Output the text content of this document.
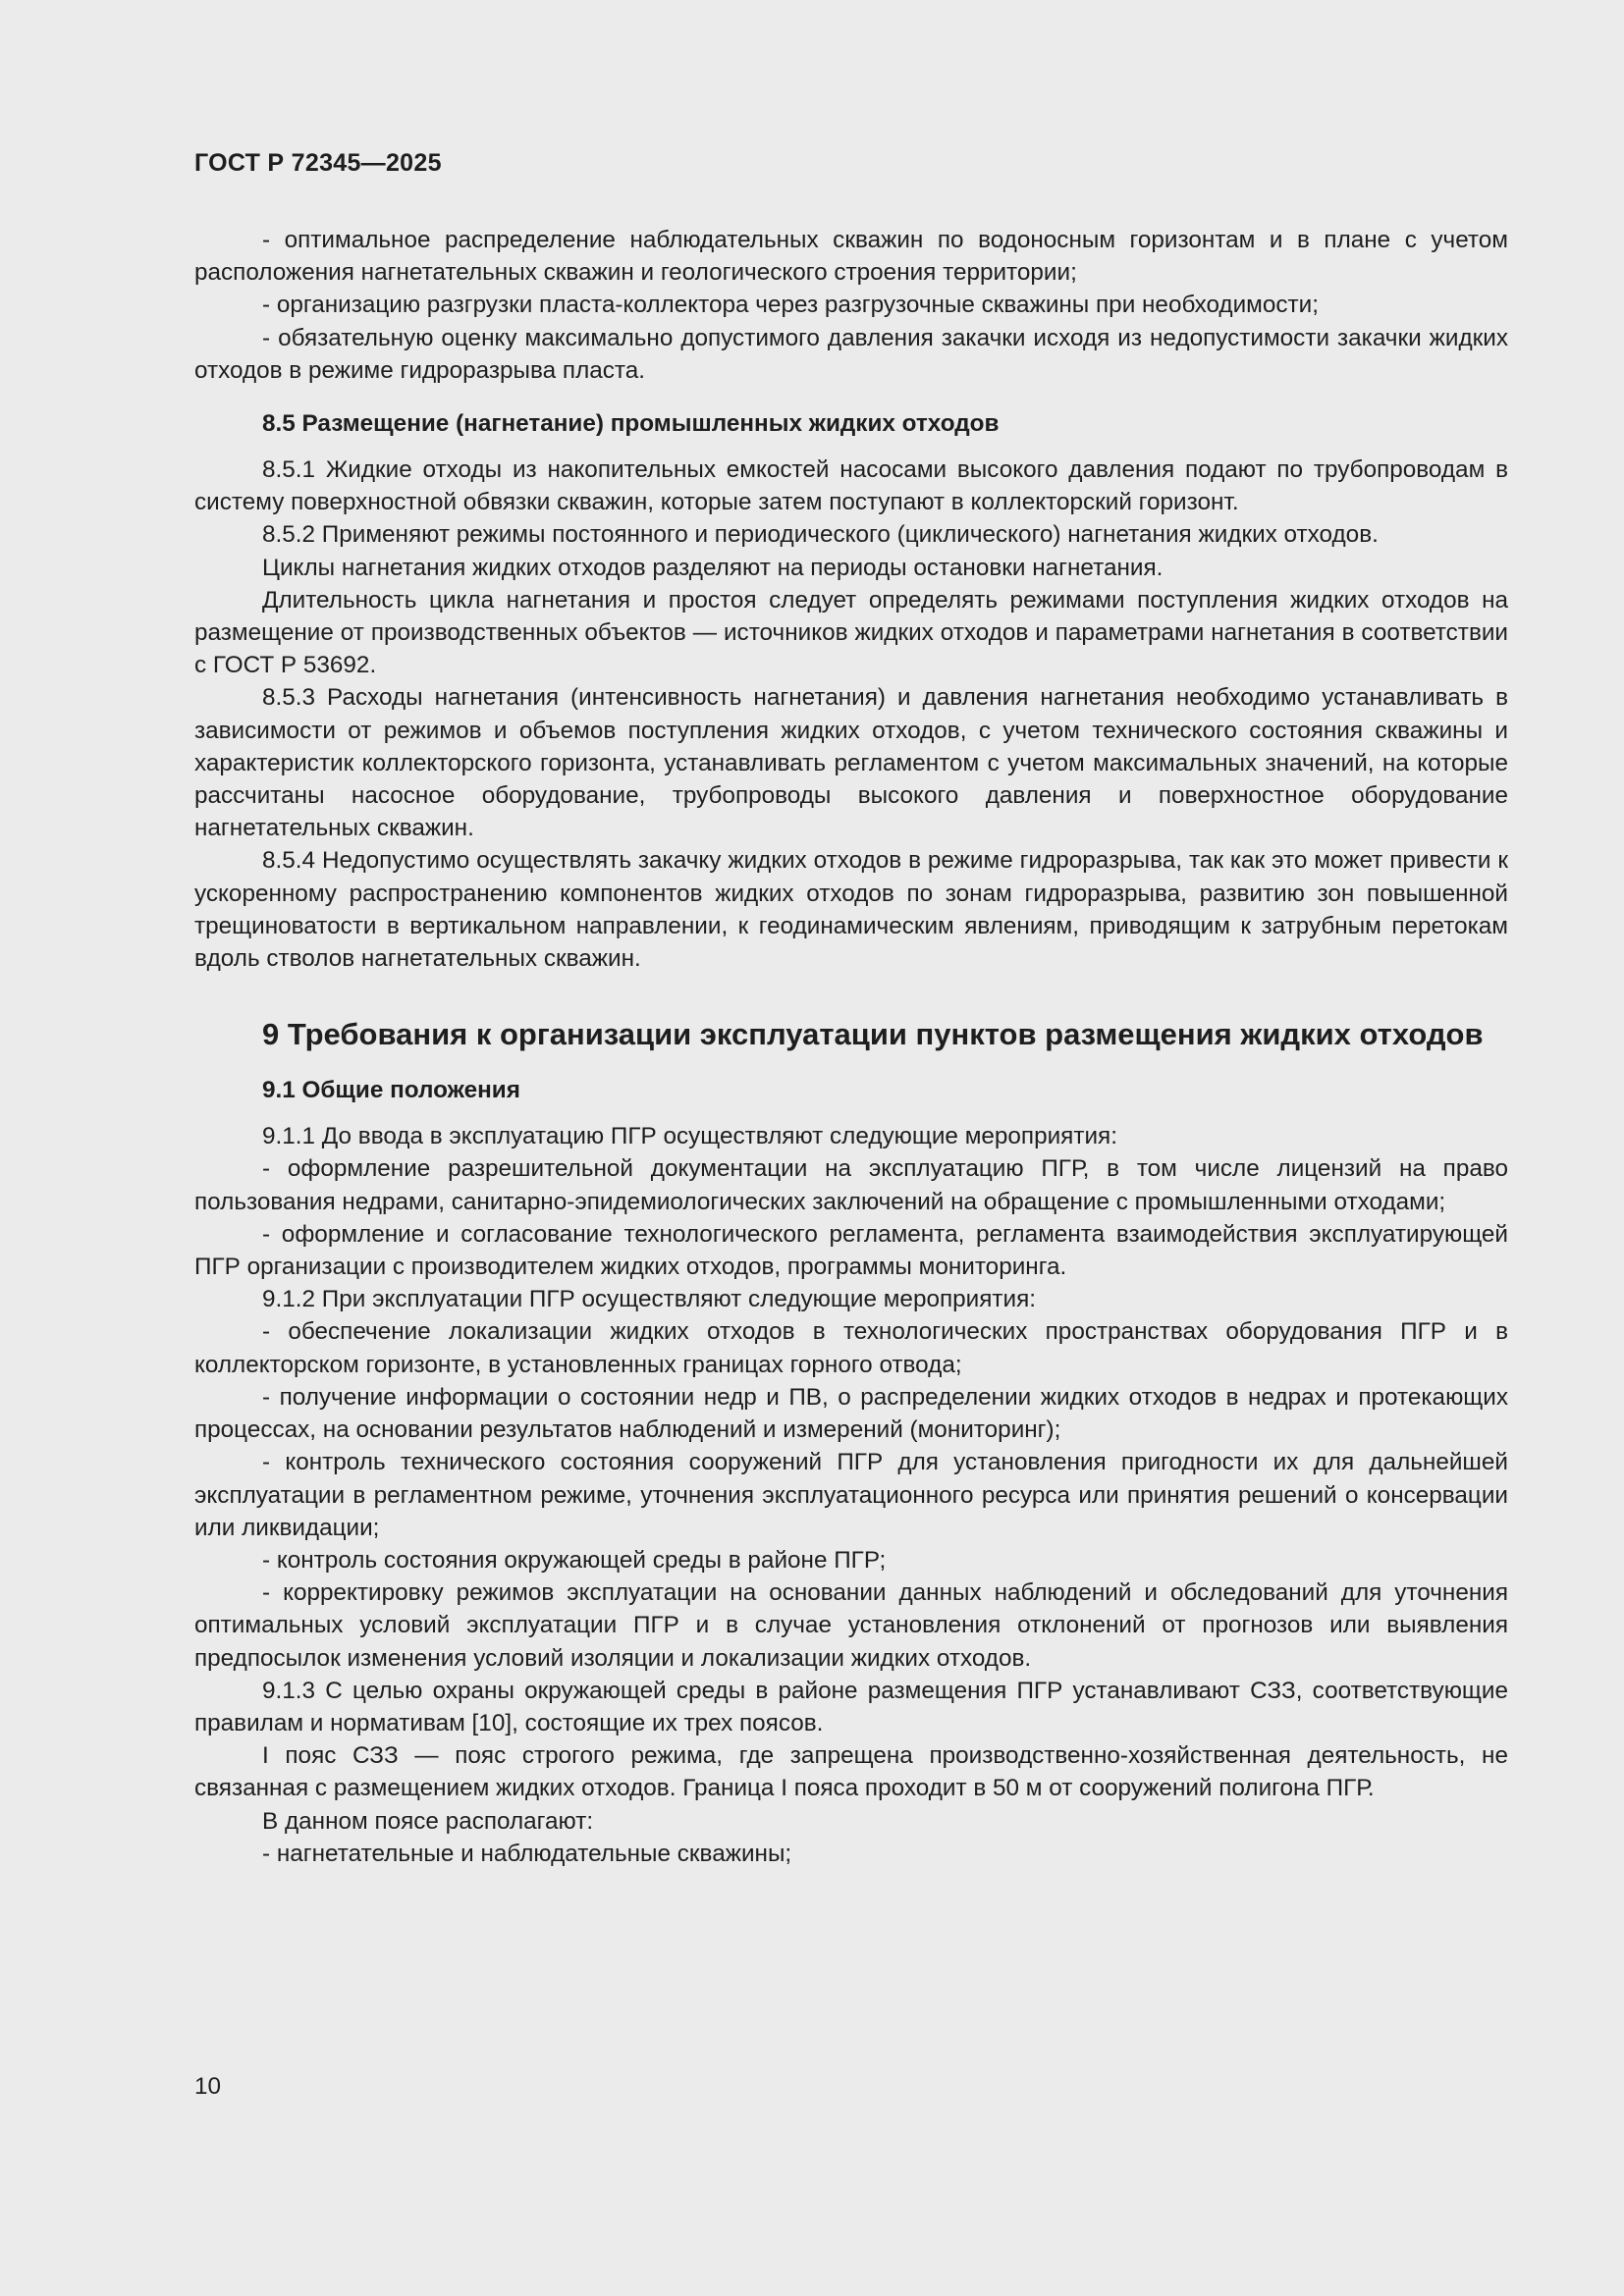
ГОСТ Р 72345—2025

- оптимальное распределение наблюдательных скважин по водоносным горизонтам и в плане с учетом расположения нагнетательных скважин и геологического строения территории;

- организацию разгрузки пласта-коллектора через разгрузочные скважины при необходимости;

- обязательную оценку максимально допустимого давления закачки исходя из недопустимости закачки жидких отходов в режиме гидроразрыва пласта.

8.5 Размещение (нагнетание) промышленных жидких отходов

8.5.1 Жидкие отходы из накопительных емкостей насосами высокого давления подают по трубопроводам в систему поверхностной обвязки скважин, которые затем поступают в коллекторский горизонт.

8.5.2 Применяют режимы постоянного и периодического (циклического) нагнетания жидких отходов.

Циклы нагнетания жидких отходов разделяют на периоды остановки нагнетания.

Длительность цикла нагнетания и простоя следует определять режимами поступления жидких отходов на размещение от производственных объектов — источников жидких отходов и параметрами нагнетания в соответствии с ГОСТ Р 53692.

8.5.3 Расходы нагнетания (интенсивность нагнетания) и давления нагнетания необходимо устанавливать в зависимости от режимов и объемов поступления жидких отходов, с учетом технического состояния скважины и характеристик коллекторского горизонта, устанавливать регламентом с учетом максимальных значений, на которые рассчитаны насосное оборудование, трубопроводы высокого давления и поверхностное оборудование нагнетательных скважин.

8.5.4 Недопустимо осуществлять закачку жидких отходов в режиме гидроразрыва, так как это может привести к ускоренному распространению компонентов жидких отходов по зонам гидроразрыва, развитию зон повышенной трещиноватости в вертикальном направлении, к геодинамическим явлениям, приводящим к затрубным перетокам вдоль стволов нагнетательных скважин.

9 Требования к организации эксплуатации пунктов размещения жидких отходов
9.1 Общие положения

9.1.1 До ввода в эксплуатацию ПГР осуществляют следующие мероприятия:

- оформление разрешительной документации на эксплуатацию ПГР, в том числе лицензий на право пользования недрами, санитарно-эпидемиологических заключений на обращение с промышленными отходами;

- оформление и согласование технологического регламента, регламента взаимодействия эксплуатирующей ПГР организации с производителем жидких отходов, программы мониторинга.

9.1.2 При эксплуатации ПГР осуществляют следующие мероприятия:

- обеспечение локализации жидких отходов в технологических пространствах оборудования ПГР и в коллекторском горизонте, в установленных границах горного отвода;

- получение информации о состоянии недр и ПВ, о распределении жидких отходов в недрах и протекающих процессах, на основании результатов наблюдений и измерений (мониторинг);

- контроль технического состояния сооружений ПГР для установления пригодности их для дальнейшей эксплуатации в регламентном режиме, уточнения эксплуатационного ресурса или принятия решений о консервации или ликвидации;

- контроль состояния окружающей среды в районе ПГР;

- корректировку режимов эксплуатации на основании данных наблюдений и обследований для уточнения оптимальных условий эксплуатации ПГР и в случае установления отклонений от прогнозов или выявления предпосылок изменения условий изоляции и локализации жидких отходов.

9.1.3 С целью охраны окружающей среды в районе размещения ПГР устанавливают СЗЗ, соответствующие правилам и нормативам [10], состоящие их трех поясов.

I пояс СЗЗ — пояс строгого режима, где запрещена производственно-хозяйственная деятельность, не связанная с размещением жидких отходов. Граница I пояса проходит в 50 м от сооружений полигона ПГР.

В данном поясе располагают:

- нагнетательные и наблюдательные скважины;

10
